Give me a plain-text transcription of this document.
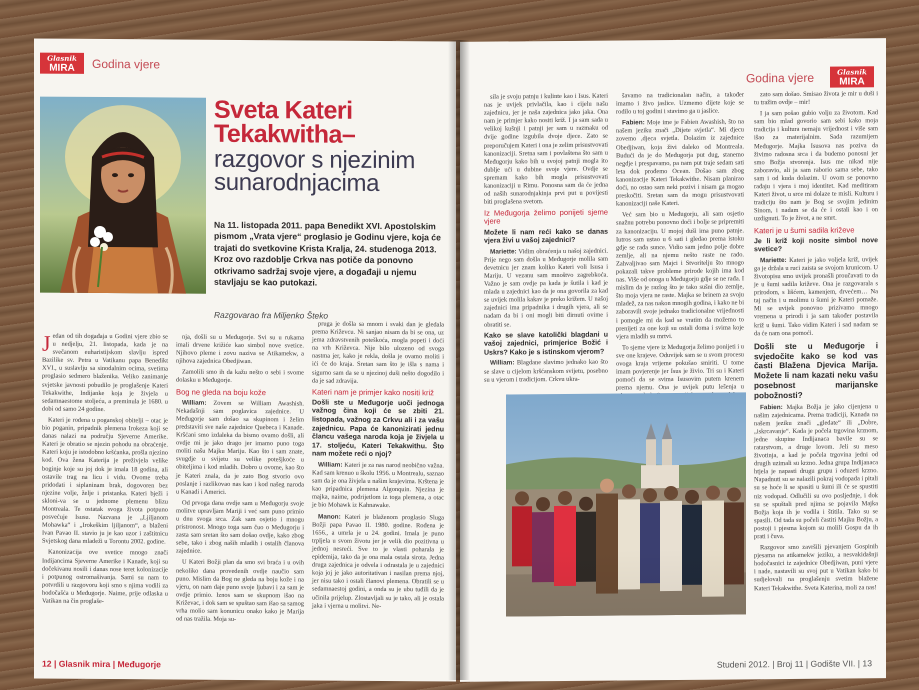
Glasnik
MIRA	Godina vjere
Sveta Kateri Tekakwitha–
razgovor s njezinim sunarodnjacima
Na 11. listopada 2011. papa Benedikt XVI. Apostolskim pismom „Vrata vjere“ proglasio je Godinu vjere, koja će trajati do svetkovine Krista Kralja, 24. studenoga 2013. Kroz ovo razdoblje Crkva nas potiče da ponovno otkrivamo sadržaj svoje vjere, a događaji u njemu stavljaju se kao putokazi.
Razgovarao fra Miljenko Šteko

Jedan od tih događaja u Godini vjere zbio se u nedjelju, 21. listopada, kada je na svečanom euharistijskom slavlju ispred Bazilike sv. Petra u Vatikanu papa Benedikt XVI., u suslavlju sa sinodalnim ocima, svetima proglasio sedmero blaženika. Veliko zanimanje svjetske javnosti pobudilo je proglašenje Kateri Tekakwithe, Indijanke koja je živjela u sedamnaestome stoljeću, a preminula je 1680. u dobi od samo 24 godine.

Kateri je rođena u poganskoj obitelji – otac je bio poganin, pripadnik plemena Irokeza koji se danas nalazi na području Sjeverne Amerike. Kateri je obratio se njezin pohodu na obraćenje. Kateri koju je istodobno kršćanka, prošla njezino kod. Ova žena Katerija je preživjela velike boginje koje su joj dok je imala 18 godina, ali ostavile trag na licu i vidu. Ovome treba pridodati i siplaninam brak, dogovoren bez njezine volje, želje i pristanka. Kateri bježi i skloni-va se u jednome plemenu blizu Montreala. Te ostatak svoga života potpuno posvećuje Isusu. Nazvana je „Ljiljanom Mohawka“ i „Irokeškim ljiljanom“, a blaženi Ivan Pavao II. stavio ju je kao uzor i zaštitnicu Svjetskog dana mladeži u Torontu 2002. godine.

Kanonizacija ove sveticе mnogo znači Indijancima Sjeverne Amerike i Kanade, koji su dočekivanu nosili i danas nose teret kolonizacije i potpunog ostromašivanja. Sami su nam to potvrdili u razgovoru koji smo s njima vodili za hodočašća u Međugorje. Naime, prije odlaska u Vatikan na čin proglaše-

nja, došli su u Međugorje. Svi su u rukama imali drvene križiće kao simbol nove svetice. Njihovo pleme i zovu naziva se Atikamekw, a njihova zajednica Obedjiwan.

Zamolili smo ih da kažu nešto o sebi i svome dolasku u Međugorje.

Bog ne gleda na boju kože

William: Zovem se William Awashish. Nekadašnji sam poglavica zajednice. U Međugorje sam došao sa skupinom i želim predstaviti sve naše zajednice Quebeca i Kanade. Kršćani smo izdaleka da bismo ovamo došli, ali ovdje mi je jako drago jer imamo puno toga moliti našu Majku Mariju. Kao što i sam znate, svugdje u svijetu su velike potešjkoće u obiteljima i kod mladih. Dobro u ovome, kao što je Kateri znala, da je zato Bog stvorio ovo poslanje i razlikovao nas kao i kod našeg naroda u Kanadi i Americi.

Od prvoga dana ovdje sam u Međugorju svoje molitve upravljam Mariji i već sam puno primio u dnu svoga srca. Zak sam osjetio i mnogu pristronost. Mnogo toga sam čuo o Međugorju i zasta sam sretan što sam došao ovdje, kako zbog sebe, tako i zbog naših mladih i ostalih članova zajednice.

U Kateri Božji plan da smo svi braća i u ovih nekoliko dana provedenih ovdje naučio sam puno. Mislim da Bog ne gleda na boju kože i na vjeru, on nam daje puno svoje ljubavi i za sam je ovdje primio. Iznos sam se skupnom išao na Križevac, i dok sam se spuštao sam išao sa samog vrha molio sam konunicu onako kako je Marija od nas tražila. Moja su-

pruga je došla sa mnom i svaki dan je gledala prema Križevcu. Ni sanjao nisam da bi se ona, uz jema zdravstvenih poteškoća, mogla popeti i doći na vrh Križevca. Nije bilo ulozeno od svoga nastma jer, kako je rekla, došla je ovamo moliti i ići će do kraja. Sretan sam što je išla s nama i sigurno sam da se u njezinoj duši nešto dogodilo i da je sad zdravija.

Kateri nam je primjer kako nositi križ

Došli ste u Međugorje uoči jednoga važnog čina koji će se zbiti 21. listopada, važnog za Crkvu ali i za vašu zajednicu. Papa će kanonizirati jednu člancu vašega naroda koja je živjela u 17. stoljeću, Kateri Tekakwithu. Što nam možete reći o njoj?

William: Kateri je za nas narod neobično važna. Kad sam krenuo u školu 1956. u Montrealu, saznao sam da je ona živjela u našim krajevima. Krštena je kao pripadnica plemena Algonquin. Njezina je majka, naime, podrijetlom iz toga plemena, a otac je bio Mohawk iz Kahnawake.

Manon: Kateri je blaženom proglasio Sluga Božji papa Pavao II. 1980. godine. Rođena je 1656., a umrla je u 24. godini. Imala je puno trpljela u svom životu jer je velik dio pozitivna u jednoj nesreći. Sve to je vlasti poharala je epidemija, tako da je ona mala ostala sirota. Jedna druga zajednica je odvela i odrastala je u zajednici koja joj je jako autoritativan i nasilan prema njoj, jer nisu tako i ostali članovi plemena. Obratili se u sedamnaestoj godini, a onda su je ubu tuđili da je učinila prijelup. Zlostavljali su je tako, ali je ostala jaka i vjerna u molitvi. Ne-

12 | Glasnik mira | Međugorje
Godina vjere	Glasnik
MIRA

sila je svoju patnju i kulinte kao i Isus. Kateri nas je uvijek privlačila, kao i cijelu našu zajednicu, jer je naša zajednica jako jaka. Ona nam je primjer kako nositi križ. I ja sam sada u velikoj kušnji i patnji jer sam u razmaku od dvije godine izgubila dvoje djece. Zato se preporučujem Kateri i ona je zelim prisustvovati kanonizaciji. Sretna sam i povlaštena što sam u Međugorju kako bih u svojoj patnji mogla ito dublje ući u dubine svoje vjere. Ovdje se spremam kako bih mogla prisustvovati kanonizaciji u Rimu. Ponosna sam da će jedna od naših sunarodnjakinja prvi put u povijesti biti proglašena svetom.

Iz Međugorja želimo ponijeti sjeme vjere

Možete li nam reći kako se danas vjera živi u vašoj zajednici?

Mariette: Vidim obraćenja u našoj zajednici. Prije nego sam došla u Međugorje molila sam devetnicu jer znam koliko Kateri voli Isusa i Mariju. U vezanu sam mnoštvo zagrebkoća. Važno je sam ovdje pa kada je šutila i kad je mlada u zajednici kao da je ona govorila za kad se uvijek molila kakav je preko križem. U našoj zajednici ima pripadnika i drugih vjera, ali se nadam da bi i oni mogli biti dirnuti ovime i obratiti se.

Kako se slave katolički blagdani u vašoj zajednici, primjerice Božić i Uskrs? Kako je s istinskom vjerom?

William: Blagdane slavimo jednako kao što se slave u cijelom kršćanskom svijetu, posebno su u vjerom i tradicijom. Crkvu ukra-

šavamo na tradicionalan način, a također imamo i živo jaslice. Uzmemo dijete koje se rodilo u toj godini i stavimo ga u jaslice.

Fabien: Moje ime je Fabien Awashish, što na našem jeziku znači „Dijete svjetla“. Mi djecu zovemo ,djeca svjetla. Dolazim iz zajednice Obedjiwan, koja živi daleko od Montreala. Budući da je do Međugorja put dug, stanemo negdje i prespavamo, pa nam put traje sedam sati leta dok prođemo Ocean. Došao sam zbog kanonizacije Kateri Tekakwithe. Nisam planirao doći, no ostao sam neki pozivi i nisam ga mogao preskočiti. Sretan sam da mogu prisustvovati kanonizaciji naše Kateri.

Već sam bio u Međugorju, ali sam osjetio snažnu potrebu ponovno doći i bolje se pripremiti za kanonizaciju. U mojoj duši ima puno patnje. Iutros sam ustao u 6 sati i gledao prema istoku gdje se rađa sunce. Vidio sam jedno polje dobre zemlje, ali na njemu nešto raste ne rado. Zahvaljivao sam Majci i Stvoritelju što mnogo pokazali takve probleme prirode kojih ima kod nas. Više od onoga u Međugorju gdje se ne rađa. I mislim da je razlog što je tako sušni dio zemlje, što moja vjera ne raste. Majka se brinem za svoju mladež, za nas nakon mnogih godina, i kako ne bi zaboravili svoje jednako tradicionalne vrijednosti i pomogle mi da kad se vratim da možemo to prenijeti za one koji su ostali doma i svima koje vjera mladih su mrtvi.

To sjeme vjere iz Međugorja želimo ponijeti i u sve one krajeve. Oduvijek sam se u svom procesu ovoga kraja vrijeme pokušao smiriti. U tome imam povjerenje jer Isus je živio. Tri su i Kateri pomoći da se svima Isusovim putem krenem prema njemu. Ona je uvijek putu lešenja u

zato sam došao. Smisao života je mir u duši i tu tražim ovdje – mir!

I ja sam pošao gubio volju za životom. Kad sam bio mlad govorio sam sebi kako moja tradicija i kultura nemaju vrijednost i više sam išao za materijalnim. Sada razumijem Međugorje. Majka Isusova nas poziva da živimo radosna srca i da budemo ponosni jer smo Božja stvorenja. Isus me nikad nije zaboravio, ali ja sam raborio sama sebe, tako sam i od kuda dolazim. U ovom se ponovno rađaju i vjera i moj identitet. Kad meditiram Kateri život, u srce mi dolaze te misli. Kulturu i tradiciju što nam je Bog se svojim jedinim Sinom, i nadam se da će i ostali kao i on uzdignuti. To je život, a ne smrt.

Kateri je u šumi sadila križeve

Je li križ koji nosite simbol nove svetice?

Mariette: Kateri je jako voljela križ, uvijek ga je držala u ruci zaista se svojom krunicom. U životopisu smo uvijek pronašli proučavati to da je u šumi sadila križeve. Ona je razgovarala s prirodom, s lišćem, kamenjem, drvećem… Na taj način i u molimu u šumi je Kateri pomaže. Mi se uvijek ponovno prizivamo mnogo vremena u prirodi i ja sam također postavila križ u šumi. Tako vidim Kateri i sad nadam se da će nam ona pomoći.

Došli ste u Međugorje i svjedočite kako se kod vas časti Blažena Djevica Marija. Možete li nam kazati neku vašu posebnost marijanske pobožnosti?

Fabien: Majka Božja je jako cijenjena u našim zajednicama. Prema tradiciji, Kanada na našem jeziku znači „gledate“ ili „Dobre, „iskrcavanje“. Kada je počela trgovina krznom, jedne skupine Indijanaca bavile su se ratarstvom, a druge lovom. Jeli su meso životinja, a kad je počela trgovina jedni od drugih uzimali su krzno. Jedna grupa Indijanaca htjela je napasti drugu grupu i oduzeti krzno. Napadnuti su se nalazili pokraj vodopada i pitali su se hoće li se spasiti u šumi ili će se spustiti niz vodopad. Odlučili su ovo posljednje, i dok su se spuštali pred njima se pojavila Majka Božja koja ih je vodila i štitila. Tako su se spasili. Od tada su počeli častiti Majku Božju, a postoji i pjesma kojom su molili Gospu da ih prati i čuva.

Razgovor smo završili pjevanjem Gospinih pjesama na atikamekw jeziku, a nesvakidašnji hodočasnici iz zajednice Obedjiwan, puni vjere i nade, nastavili su svoj put u Vatikan kako bi sudjelovali na proglašenju svetim blažene Kateri Tekakwithe. Sveta Katerina, moli za nas!

Studeni 2012. | Broj 11 | Godište VII. | 13
